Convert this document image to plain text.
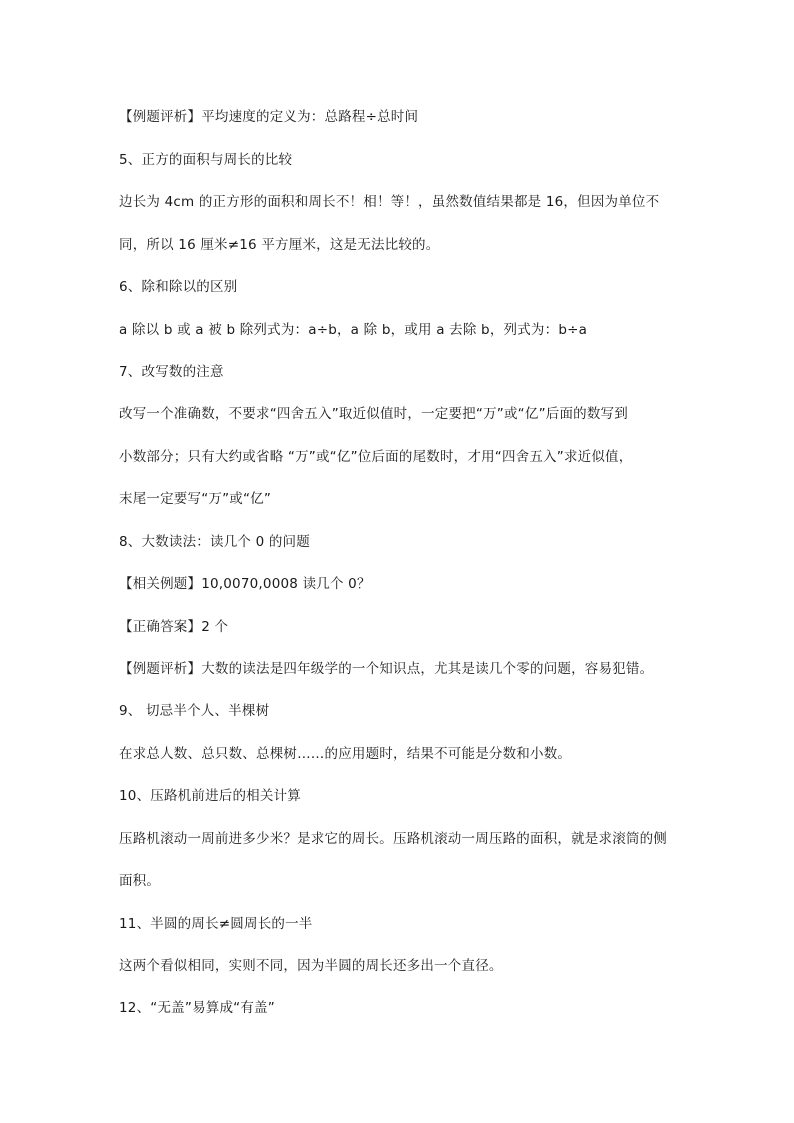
【例题评析】平均速度的定义为：总路程÷总时间
5、正方的面积与周长的比较
边长为 4cm 的正方形的面积和周长不！相！等！，虽然数值结果都是 16，但因为单位不
同，所以 16 厘米≠16 平方厘米，这是无法比较的。
6、除和除以的区别
a 除以 b 或 a 被 b 除列式为：a÷b，a 除 b，或用 a 去除 b，列式为：b÷a
7、改写数的注意
改写一个准确数，不要求“四舍五入”取近似值时，一定要把“万”或“亿”后面的数写到
小数部分；只有大约或省略 “万”或“亿”位后面的尾数时，才用“四舍五入”求近似值，
末尾一定要写“万”或“亿”
8、大数读法：读几个 0 的问题
【相关例题】10,0070,0008 读几个 0？
【正确答案】2 个
【例题评析】大数的读法是四年级学的一个知识点，尤其是读几个零的问题，容易犯错。
9、 切忌半个人、半棵树
在求总人数、总只数、总棵树……的应用题时，结果不可能是分数和小数。
10、压路机前进后的相关计算
压路机滚动一周前进多少米？是求它的周长。压路机滚动一周压路的面积，就是求滚筒的侧
面积。
11、半圆的周长≠圆周长的一半
这两个看似相同，实则不同，因为半圆的周长还多出一个直径。
12、“无盖”易算成“有盖”
